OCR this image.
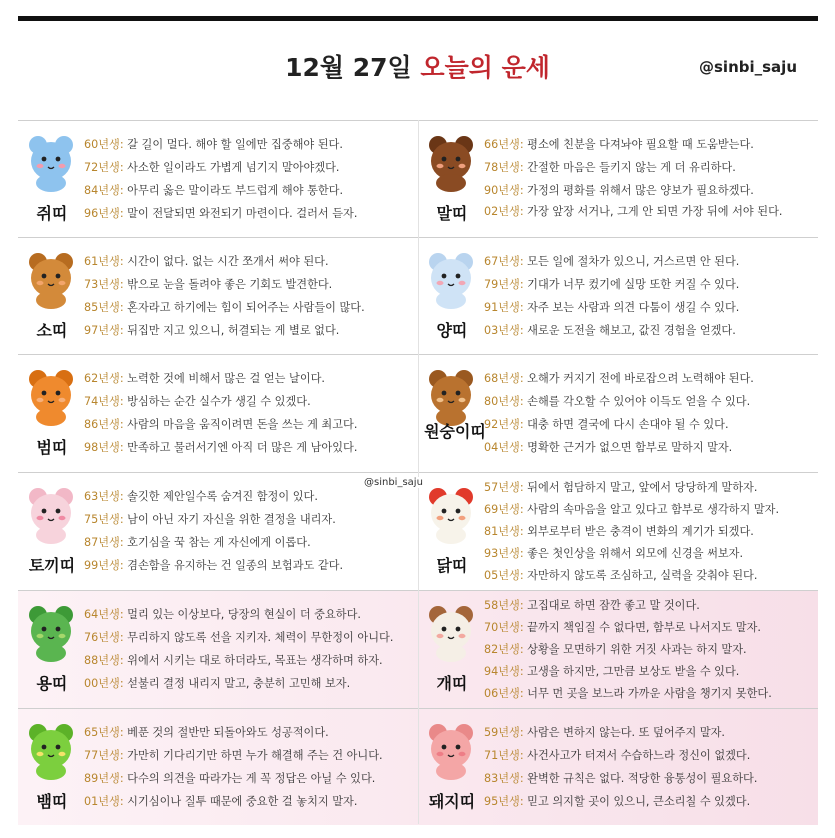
12월 27일 오늘의 운세	@sinbi_saju
쥐띠
60년생: 갈 길이 멀다. 해야 할 일에만 집중해야 된다.
72년생: 사소한 일이라도 가볍게 넘기지 말아야겠다.
84년생: 아무리 옳은 말이라도 부드럽게 해야 통한다.
96년생: 말이 전달되면 와전되기 마련이다. 걸러서 듣자.	말띠
66년생: 평소에 친분을 다져놔야 필요할 때 도움받는다.
78년생: 간절한 마음은 들키지 않는 게 더 유리하다.
90년생: 가정의 평화를 위해서 많은 양보가 필요하겠다.
02년생: 가장 앞장 서거나, 그게 안 되면 가장 뒤에 서야 된다.
소띠
61년생: 시간이 없다. 없는 시간 쪼개서 써야 된다.
73년생: 밖으로 눈을 돌려야 좋은 기회도 발견한다.
85년생: 혼자라고 하기에는 힘이 되어주는 사람들이 많다.
97년생: 뒤집만 지고 있으니, 허결되는 게 별로 없다.	양띠
67년생: 모든 일에 절차가 있으니, 거스르면 안 된다.
79년생: 기대가 너무 컸기에 실망 또한 커질 수 있다.
91년생: 자주 보는 사람과 의견 다툼이 생길 수 있다.
03년생: 새로운 도전을 해보고, 값진 경험을 얻겠다.
범띠
62년생: 노력한 것에 비해서 많은 걸 얻는 날이다.
74년생: 방심하는 순간 실수가 생길 수 있겠다.
86년생: 사람의 마음을 움직이려면 돈을 쓰는 게 최고다.
98년생: 만족하고 물러서기엔 아직 더 많은 게 남아있다.
원숭이띠
68년생: 오해가 커지기 전에 바로잡으려 노력해야 된다.
80년생: 손해를 각오할 수 있어야 이득도 얻을 수 있다.
92년생: 대충 하면 결국에 다시 손대야 될 수 있다.
04년생: 명확한 근거가 없으면 함부로 말하지 말자.
토끼띠
63년생: 솔깃한 제안일수록 숨겨진 함정이 있다.
75년생: 남이 아닌 자기 자신을 위한 결정을 내리자.
87년생: 호기심을 꾹 참는 게 자신에게 이롭다.
99년생: 겸손함을 유지하는 건 일종의 보험과도 같다.	닭띠
57년생: 뒤에서 험담하지 말고, 앞에서 당당하게 말하자.
69년생: 사람의 속마음을 알고 있다고 함부로 생각하지 말자.
81년생: 외부로부터 받은 충격이 변화의 계기가 되겠다.
93년생: 좋은 첫인상을 위해서 외모에 신경을 써보자.
05년생: 자만하지 않도록 조심하고, 실력을 갖춰야 된다.
용띠
64년생: 멀리 있는 이상보다, 당장의 현실이 더 중요하다.
76년생: 무리하지 않도록 선을 지키자. 체력이 무한정이 아니다.
88년생: 위에서 시키는 대로 하더라도, 목표는 생각하며 하자.
00년생: 섣불리 결정 내리지 말고, 충분히 고민해 보자.	개띠
58년생: 고집대로 하면 잠깐 좋고 말 것이다.
70년생: 끝까지 책임질 수 없다면, 함부로 나서지도 말자.
82년생: 상황을 모면하기 위한 거짓 사과는 하지 말자.
94년생: 고생을 하지만, 그만큼 보상도 받을 수 있다.
06년생: 너무 먼 곳을 보느라 가까운 사람을 챙기지 못한다.
뱀띠
65년생: 베푼 것의 절반만 되돌아와도 성공적이다.
77년생: 가만히 기다리기만 하면 누가 해결해 주는 건 아니다.
89년생: 다수의 의견을 따라가는 게 꼭 정답은 아닐 수 있다.
01년생: 시기심이나 질투 때문에 중요한 걸 놓치지 말자.	돼지띠
59년생: 사람은 변하지 않는다. 또 덮어주지 말자.
71년생: 사건사고가 터져서 수습하느라 정신이 없겠다.
83년생: 완벽한 규칙은 없다. 적당한 융통성이 필요하다.
95년생: 믿고 의지할 곳이 있으니, 큰소리칠 수 있겠다.
@sinbi_saju
